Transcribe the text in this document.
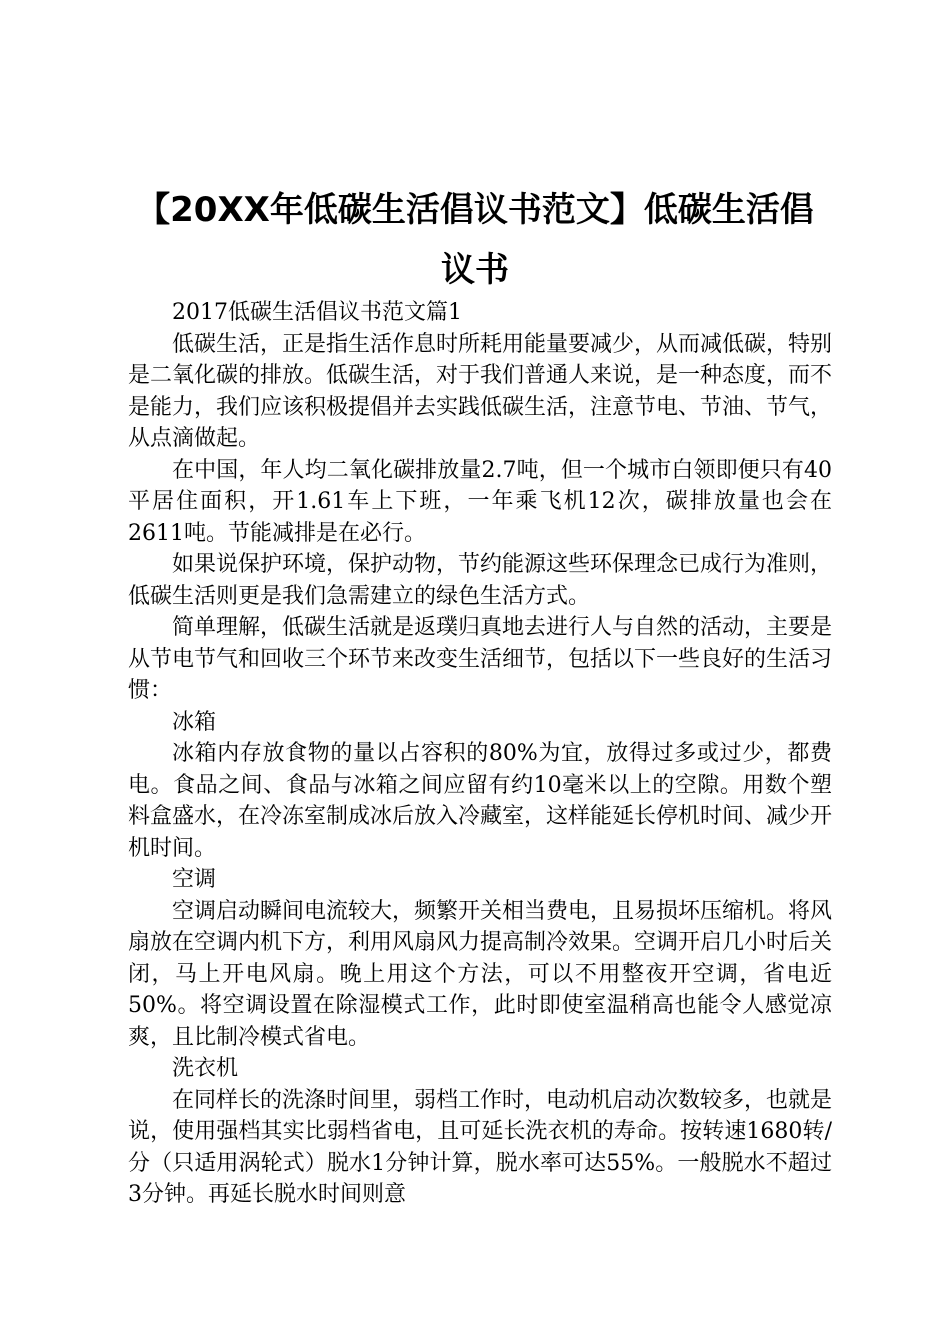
【20XX年低碳生活倡议书范文】低碳生活倡
议书

2017低碳生活倡议书范文篇1

低碳生活，正是指生活作息时所耗用能量要减少，从而减低碳，特别是二氧化碳的排放。低碳生活，对于我们普通人来说，是一种态度，而不是能力，我们应该积极提倡并去实践低碳生活，注意节电、节油、节气，从点滴做起。

在中国，年人均二氧化碳排放量2.7吨，但一个城市白领即便只有40平居住面积，开1.61车上下班，一年乘飞机12次，碳排放量也会在2611吨。节能减排是在必行。

如果说保护环境，保护动物，节约能源这些环保理念已成行为准则，低碳生活则更是我们急需建立的绿色生活方式。

简单理解，低碳生活就是返璞归真地去进行人与自然的活动，主要是从节电节气和回收三个环节来改变生活细节，包括以下一些良好的生活习惯：

冰箱

冰箱内存放食物的量以占容积的80%为宜，放得过多或过少，都费电。食品之间、食品与冰箱之间应留有约10毫米以上的空隙。用数个塑料盒盛水，在冷冻室制成冰后放入冷藏室，这样能延长停机时间、减少开机时间。

空调

空调启动瞬间电流较大，频繁开关相当费电，且易损坏压缩机。将风扇放在空调内机下方，利用风扇风力提高制冷效果。空调开启几小时后关闭，马上开电风扇。晚上用这个方法，可以不用整夜开空调，省电近50%。将空调设置在除湿模式工作，此时即使室温稍高也能令人感觉凉爽，且比制冷模式省电。

洗衣机

在同样长的洗涤时间里，弱档工作时，电动机启动次数较多，也就是说，使用强档其实比弱档省电，且可延长洗衣机的寿命。按转速1680转/分（只适用涡轮式）脱水1分钟计算，脱水率可达55%。一般脱水不超过3分钟。再延长脱水时间则意
